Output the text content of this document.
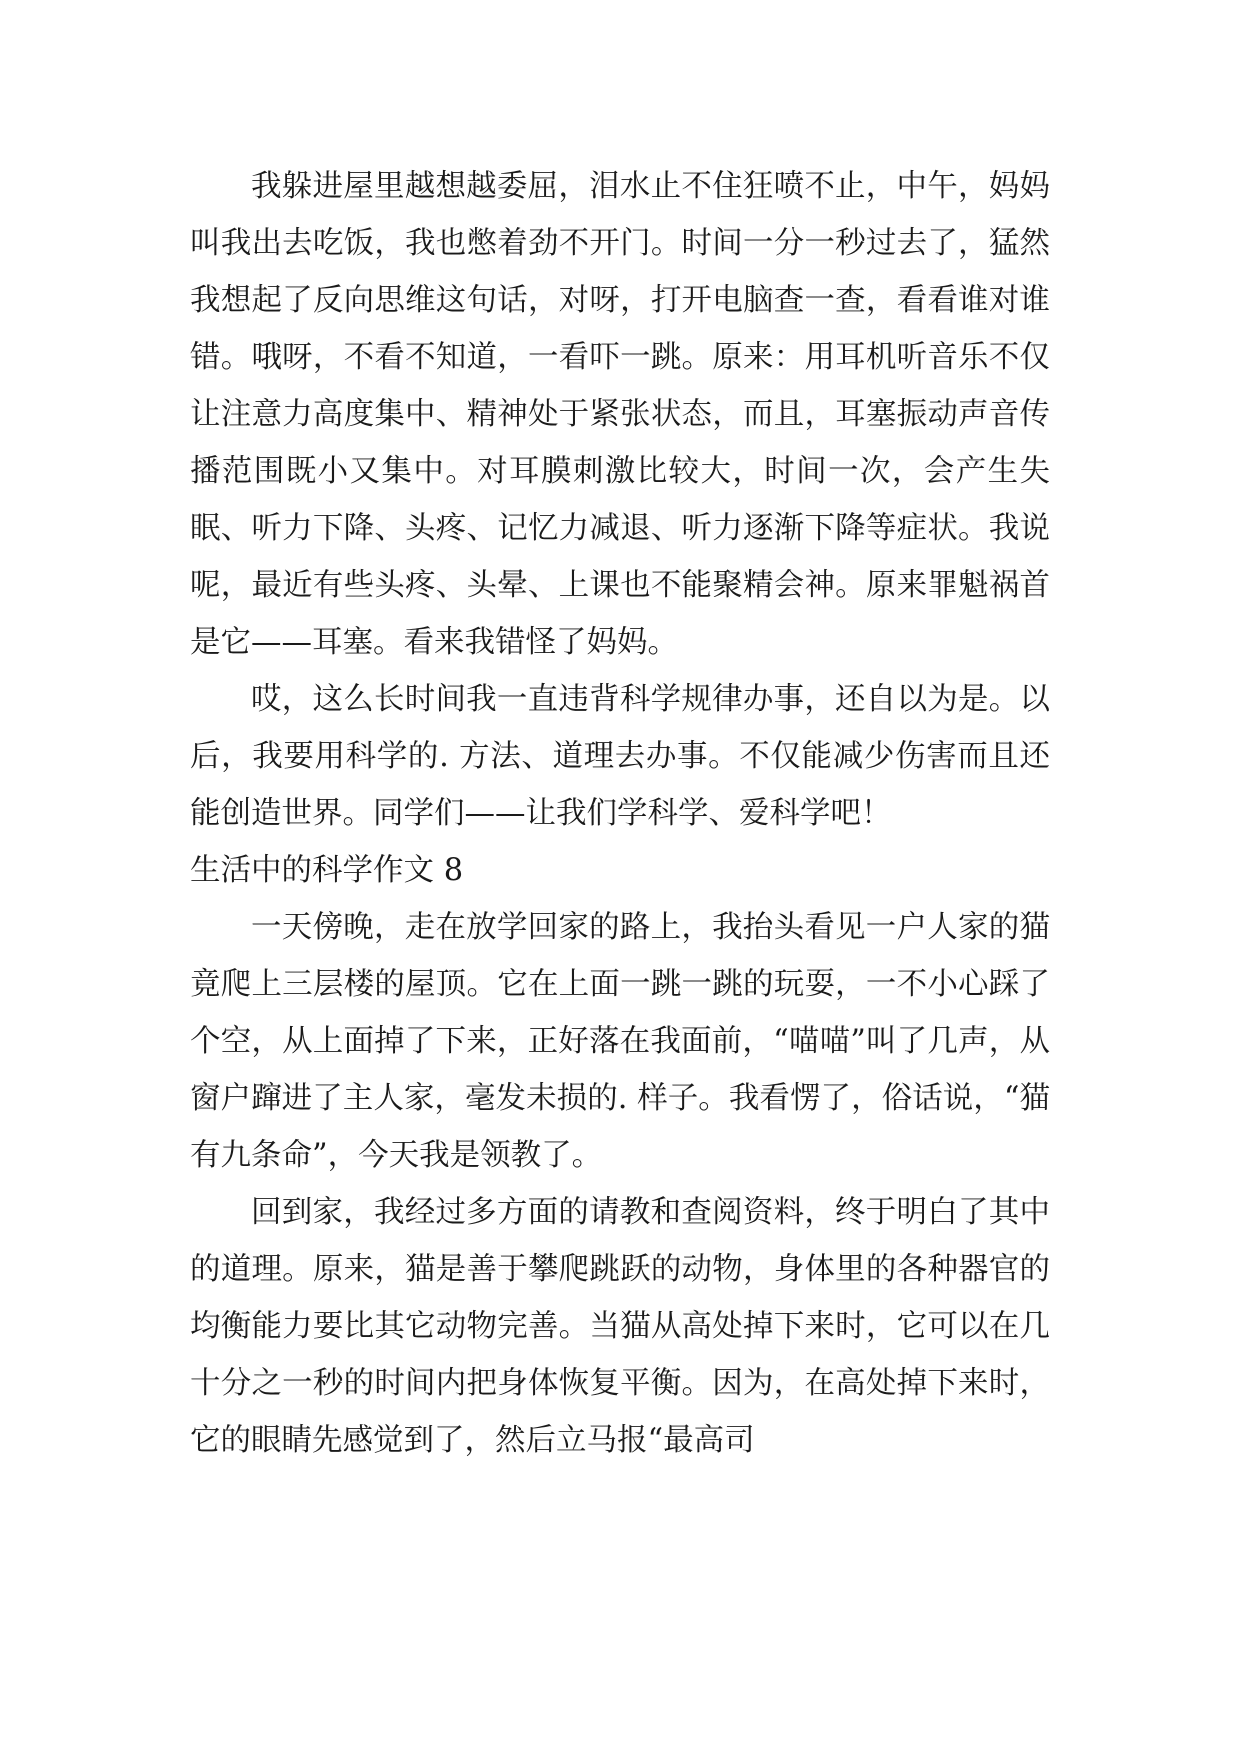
我躲进屋里越想越委屈，泪水止不住狂喷不止，中午，妈妈叫我出去吃饭，我也憋着劲不开门。时间一分一秒过去了，猛然我想起了反向思维这句话，对呀，打开电脑查一查，看看谁对谁错。哦呀，不看不知道，一看吓一跳。原来：用耳机听音乐不仅让注意力高度集中、精神处于紧张状态，而且，耳塞振动声音传播范围既小又集中。对耳膜刺激比较大，时间一次，会产生失眠、听力下降、头疼、记忆力减退、听力逐渐下降等症状。我说呢，最近有些头疼、头晕、上课也不能聚精会神。原来罪魁祸首是它——耳塞。看来我错怪了妈妈。

哎，这么长时间我一直违背科学规律办事，还自以为是。以后，我要用科学的. 方法、道理去办事。不仅能减少伤害而且还能创造世界。同学们——让我们学科学、爱科学吧！

生活中的科学作文 8

一天傍晚，走在放学回家的路上，我抬头看见一户人家的猫竟爬上三层楼的屋顶。它在上面一跳一跳的玩耍，一不小心踩了个空，从上面掉了下来，正好落在我面前，“喵喵”叫了几声，从窗户蹿进了主人家，毫发未损的. 样子。我看愣了，俗话说，“猫有九条命”，今天我是领教了。

回到家，我经过多方面的请教和查阅资料，终于明白了其中的道理。原来，猫是善于攀爬跳跃的动物，身体里的各种器官的均衡能力要比其它动物完善。当猫从高处掉下来时，它可以在几十分之一秒的时间内把身体恢复平衡。因为，在高处掉下来时，它的眼睛先感觉到了，然后立马报“最高司
